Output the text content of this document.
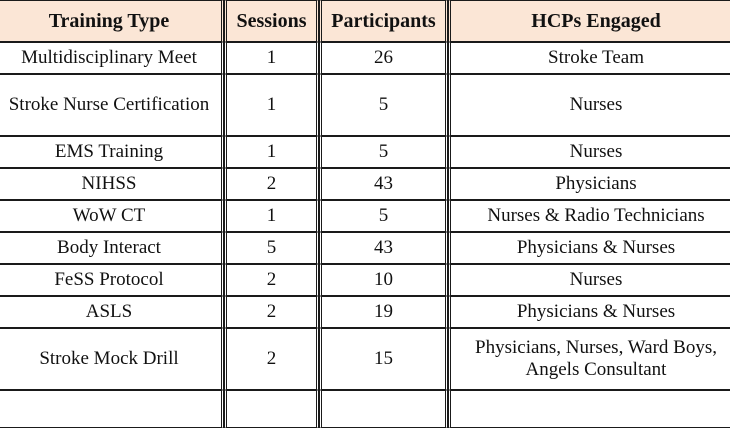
Training Type	Sessions	Participants	HCPs Engaged
Multidisciplinary Meet	1	26	Stroke Team
Stroke Nurse Certification	1	5	Nurses
EMS Training	1	5	Nurses
NIHSS	2	43	Physicians
WoW CT	1	5	Nurses & Radio Technicians
Body Interact	5	43	Physicians & Nurses
FeSS Protocol	2	10	Nurses
ASLS	2	19	Physicians & Nurses
Stroke Mock Drill	2	15	Physicians, Nurses, Ward Boys, Angels Consultant
